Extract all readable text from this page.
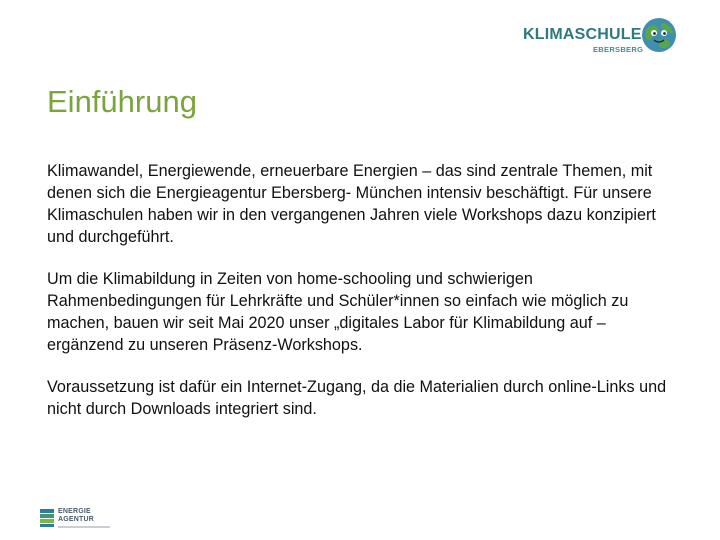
KLIMASCHULE
EBERSBERG
Einführung

Klimawandel, Energiewende, erneuerbare Energien – das sind zentrale Themen, mit denen sich die Energieagentur Ebersberg- München intensiv beschäftigt. Für unsere Klimaschulen haben wir in den vergangenen Jahren viele Workshops dazu konzipiert und durchgeführt.

Um die Klimabildung in Zeiten von home-schooling und schwierigen Rahmenbedingungen für Lehrkräfte und Schüler*innen so einfach wie möglich zu machen, bauen wir seit Mai 2020 unser „digitales Labor für Klimabildung auf – ergänzend zu unseren Präsenz-Workshops.

Voraussetzung ist dafür ein Internet-Zugang, da die Materialien durch online-Links und nicht durch Downloads integriert sind.

ENERGIE
AGENTUR
